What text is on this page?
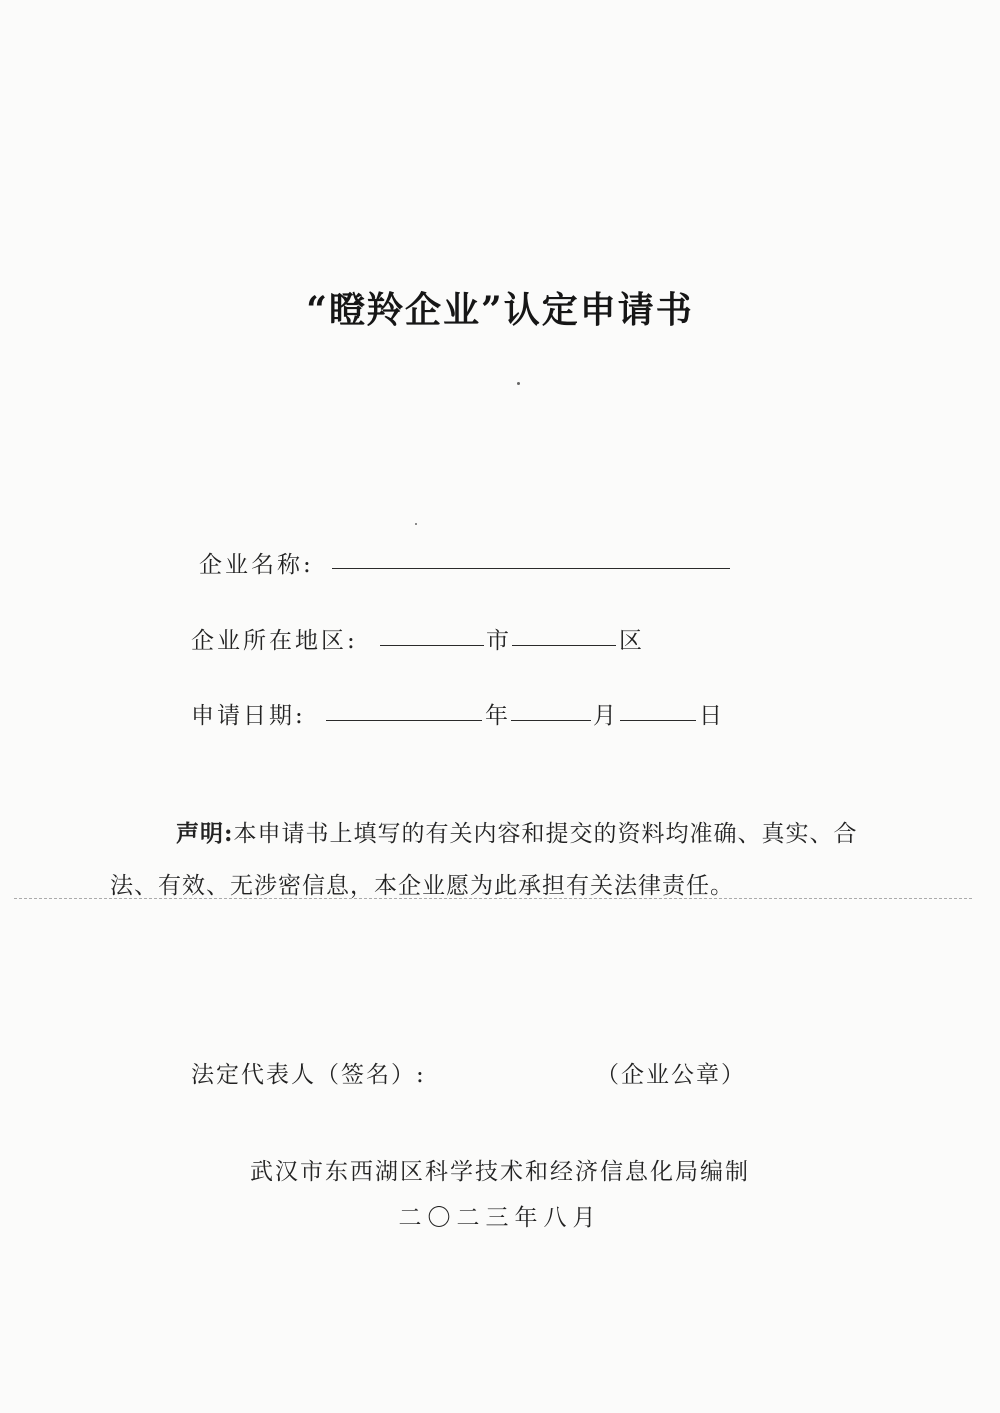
“瞪羚企业”认定申请书
企业名称:
企业所在地区:	市	区
申请日期:	年	月	日
声明:本申请书上填写的有关内容和提交的资料均准确、真实、合法、有效、无涉密信息，本企业愿为此承担有关法律责任。
法定代表人（签名）:	（企业公章）
武汉市东西湖区科学技术和经济信息化局编制
二〇二三年八月
